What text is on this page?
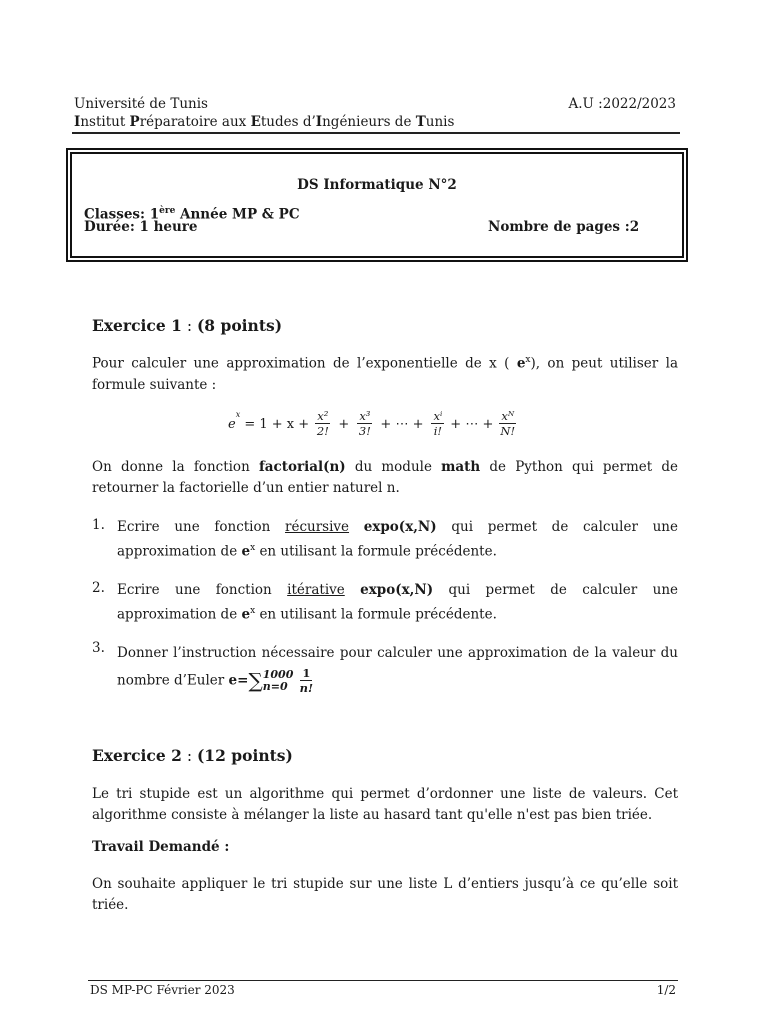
Université de Tunis
Institut Préparatoire aux Etudes d’Ingénieurs de Tunis
A.U :2022/2023
DS Informatique N°2
Classes: 1ère Année MP & PC
Durée: 1 heure	Nombre de pages :2
Exercice 1 : (8 points)
Pour calculer une approximation de l’exponentielle de x ( $e^x$), on peut utiliser la formule suivante :
e
$^x$
= $1 + x + \frac{\text{x²}}{2!} + \frac{\text{x³}}{3!}$ + ⋯ + $\frac{\text{xⁱ}}{i!}$ + ⋯ + $\frac{\text{xᴺ}}{N!}$
On donne la fonction factorial(n) du module math de Python qui permet de retourner la factorielle d’un entier naturel n.
1. Ecrire une fonction récursive expo(x,N) qui permet de calculer une approximation de $e^x$ en utilisant la formule précédente.
2. Ecrire une fonction itérative expo(x,N) qui permet de calculer une approximation de $e^x$ en utilisant la formule précédente.
3. Donner l’instruction nécessaire pour calculer une approximation de la valeur du nombre d’Euler e=∑ 1000
n=0
	$\frac{1}{n!}$
Exercice 2 : (12 points)
Le tri stupide est un algorithme qui permet d’ordonner une liste de valeurs. Cet algorithme consiste à mélanger la liste au hasard tant qu'elle n'est pas bien triée.
Travail Demandé :
On souhaite appliquer le tri stupide sur une liste L d’entiers jusqu’à ce qu’elle soit triée.
DS MP-PC Février 2023	1/2
